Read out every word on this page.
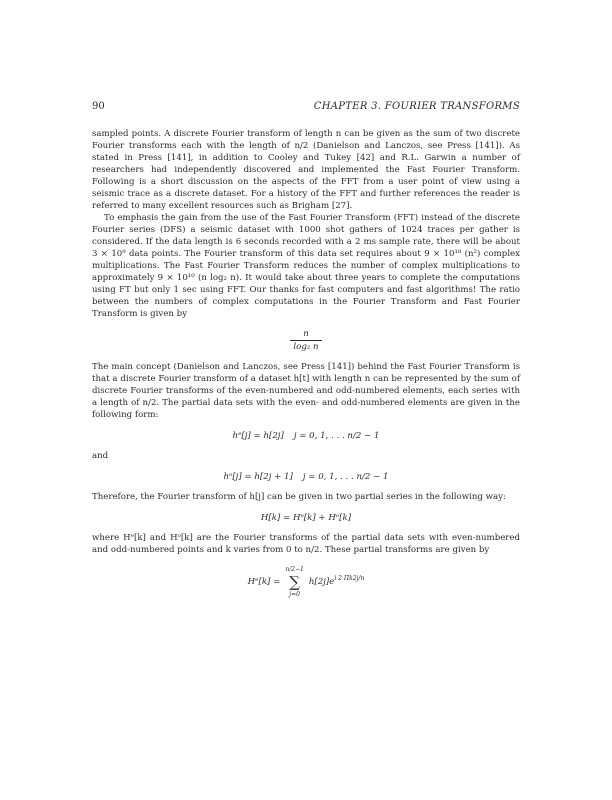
90	CHAPTER 3. FOURIER TRANSFORMS

sampled points. A discrete Fourier transform of length n can be given as the sum of two discrete Fourier transforms each with the length of n/2 (Danielson and Lanczos, see Press [141]). As stated in Press [141], in addition to Cooley and Tukey [42] and R.L. Garwin a number of researchers had independently discovered and implemented the Fast Fourier Transform. Following is a short discussion on the aspects of the FFT from a user point of view using a seismic trace as a discrete dataset. For a history of the FFT and further references the reader is referred to many excellent resources such as Brigham [27].

To emphasis the gain from the use of the Fast Fourier Transform (FFT) instead of the discrete Fourier series (DFS) a seismic dataset with 1000 shot gathers of 1024 traces per gather is considered. If the data length is 6 seconds recorded with a 2 ms sample rate, there will be about 3 × 10⁹ data points. The Fourier transform of this data set requires about 9 × 10¹⁸ (n²) complex multiplications. The Fast Fourier Transform reduces the number of complex multiplications to approximately 9 × 10¹⁰ (n log₂ n). It would take about three years to complete the computations using FT but only 1 sec using FFT. Our thanks for fast computers and fast algorithms! The ratio between the numbers of complex computations in the Fourier Transform and Fast Fourier Transform is given by

$\frac{n}{\text{log₂ n}}$

The main concept (Danielson and Lanczos, see Press [141]) behind the Fast Fourier Transform is that a discrete Fourier transform of a dataset h[t] with length n can be represented by the sum of discrete Fourier transforms of the even-numbered and odd-numbered elements, each series with a length of n/2. The partial data sets with the even- and odd-numbered elements are given in the following form:

hᵉ[j] = h[2j] j = 0, 1, . . . n/2 − 1

and

hᵒ[j] = h[2j + 1] j = 0, 1, . . . n/2 − 1

Therefore, the Fourier transform of h[j] can be given in two partial series in the following way:

H[k] = Hᵉ[k] + Hᵒ[k]

where Hᵉ[k] and Hᵒ[k] are the Fourier transforms of the partial data sets with even-numbered and odd-numbered points and k varies from 0 to n/2. These partial transforms are given by

Hᵉ[k] =
n/2−1
∑
j=0
$h[2j]e^{i 2 \Pi k2j/n}$
